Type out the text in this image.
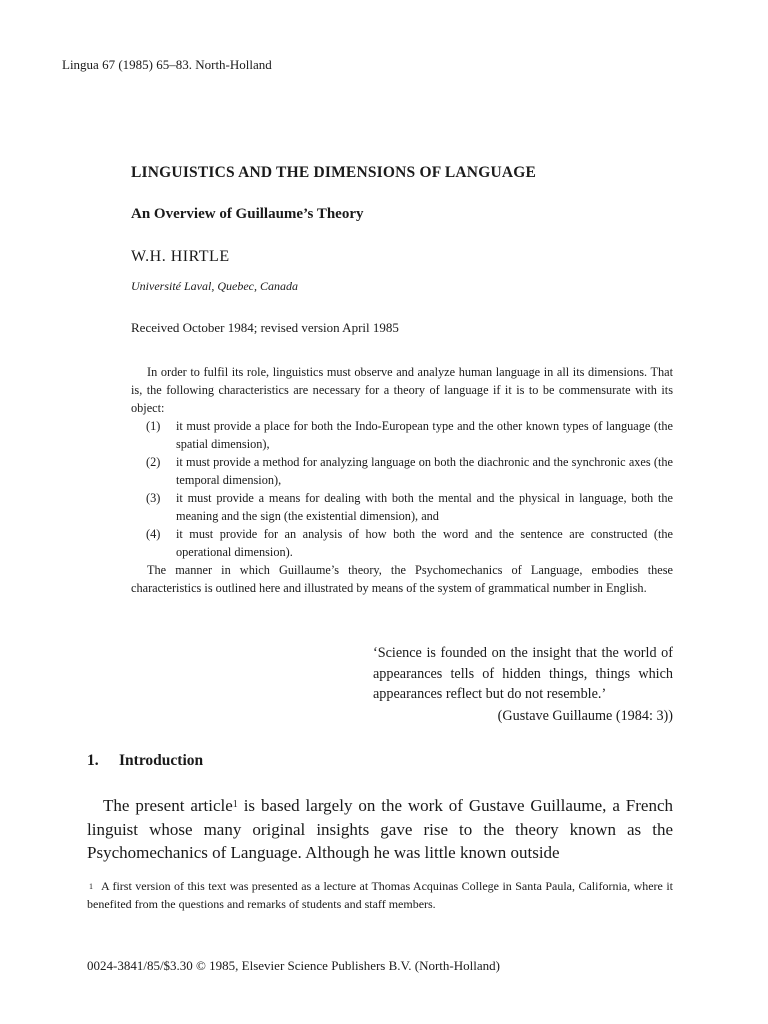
Lingua 67 (1985) 65–83. North-Holland
LINGUISTICS AND THE DIMENSIONS OF LANGUAGE
An Overview of Guillaume’s Theory
W.H. HIRTLE
Université Laval, Quebec, Canada
Received October 1984; revised version April 1985

In order to fulfil its role, linguistics must observe and analyze human language in all its dimensions. That is, the following characteristics are necessary for a theory of language if it is to be commensurate with its object:

(1) it must provide a place for both the Indo-European type and the other known types of language (the spatial dimension),
(2) it must provide a method for analyzing language on both the diachronic and the synchronic axes (the temporal dimension),
(3) it must provide a means for dealing with both the mental and the physical in language, both the meaning and the sign (the existential dimension), and
(4) it must provide for an analysis of how both the word and the sentence are constructed (the operational dimension).

The manner in which Guillaume’s theory, the Psychomechanics of Language, embodies these characteristics is outlined here and illustrated by means of the system of grammatical number in English.

‘Science is founded on the insight that the world of appearances tells of hidden things, things which appearances reflect but do not resemble.’

(Gustave Guillaume (1984: 3))

1. Introduction

The present article$^1$ is based largely on the work of Gustave Guillaume, a French linguist whose many original insights gave rise to the theory known as the Psychomechanics of Language. Although he was little known outside

$^1$ A first version of this text was presented as a lecture at Thomas Acquinas College in Santa Paula, California, where it benefited from the questions and remarks of students and staff members.

0024-3841/85/$3.30 © 1985, Elsevier Science Publishers B.V. (North-Holland)
